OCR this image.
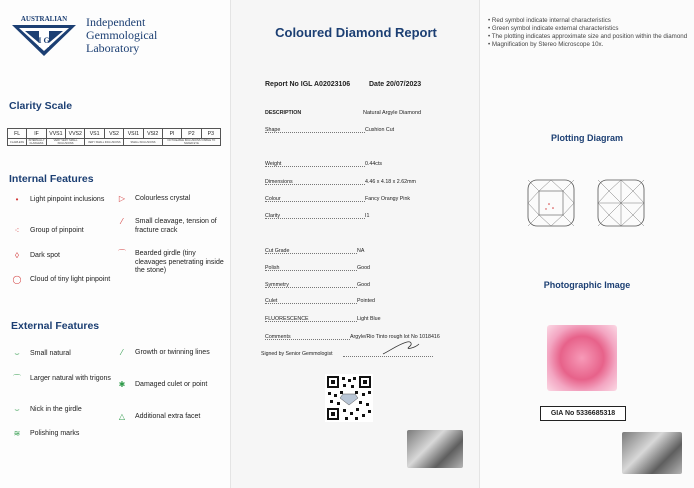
AUSTRALIAN
I G
Independent
Gemmological
Laboratory
Clarity Scale
FL	IF	VVS1	VVS2	VS1	VS2	VSI1	VSI2	PI	P2	P3
FLAWLESS	INTERNALLY FLAWLESS	VERY VERY SMALL INCLUSIONS		VERY SMALL INCLUSIONS		SMALL INCLUSIONS		NOTICEABLE INCLUSIONS VISIBLE TO NAKED EYE		
Internal Features
•	Light pinpoint inclusions	▷	Colourless crystal
⁖	Group of pinpoint
⁄	Small cleavage, tension of fracture crack
◊	Dark spot	⌒	Bearded girdle (tiny cleavages penetrating inside the stone)
◯	Cloud of tiny light pinpoint
External Features
⌣	Small natural	⁄	Growth or twinning lines
⌒	Larger natural with trigons
✱	Damaged culet or point
⌣	Nick in the girdle
△	Additional extra facet
≋	Polishing marks
Coloured Diamond Report
Report No IGL A02023106	Date 20/07/2023
DESCRIPTION	Natural Argyle Diamond
Shape	Cushion Cut
Weight	0.44cts
Dimensions	4.46 x 4.18 x 2.62mm
Colour	Fancy Orangy Pink
Clarity	I1
Cut Grade	NA
Polish	Good
Symmetry	Good
Culet	Pointed
FLUORESCENCE	Light Blue
Comments	Argyle/Rio Tinto rough lot No 1018416
Signed by Senior Gemmologist
• Red symbol indicate internal characteristics
• Green symbol indicate external characteristics
• The plotting indicates approximate size and position within the diamond
• Magnification by Stereo Microscope 10x.
Plotting Diagram
Photographic Image
GIA No 5336685318
